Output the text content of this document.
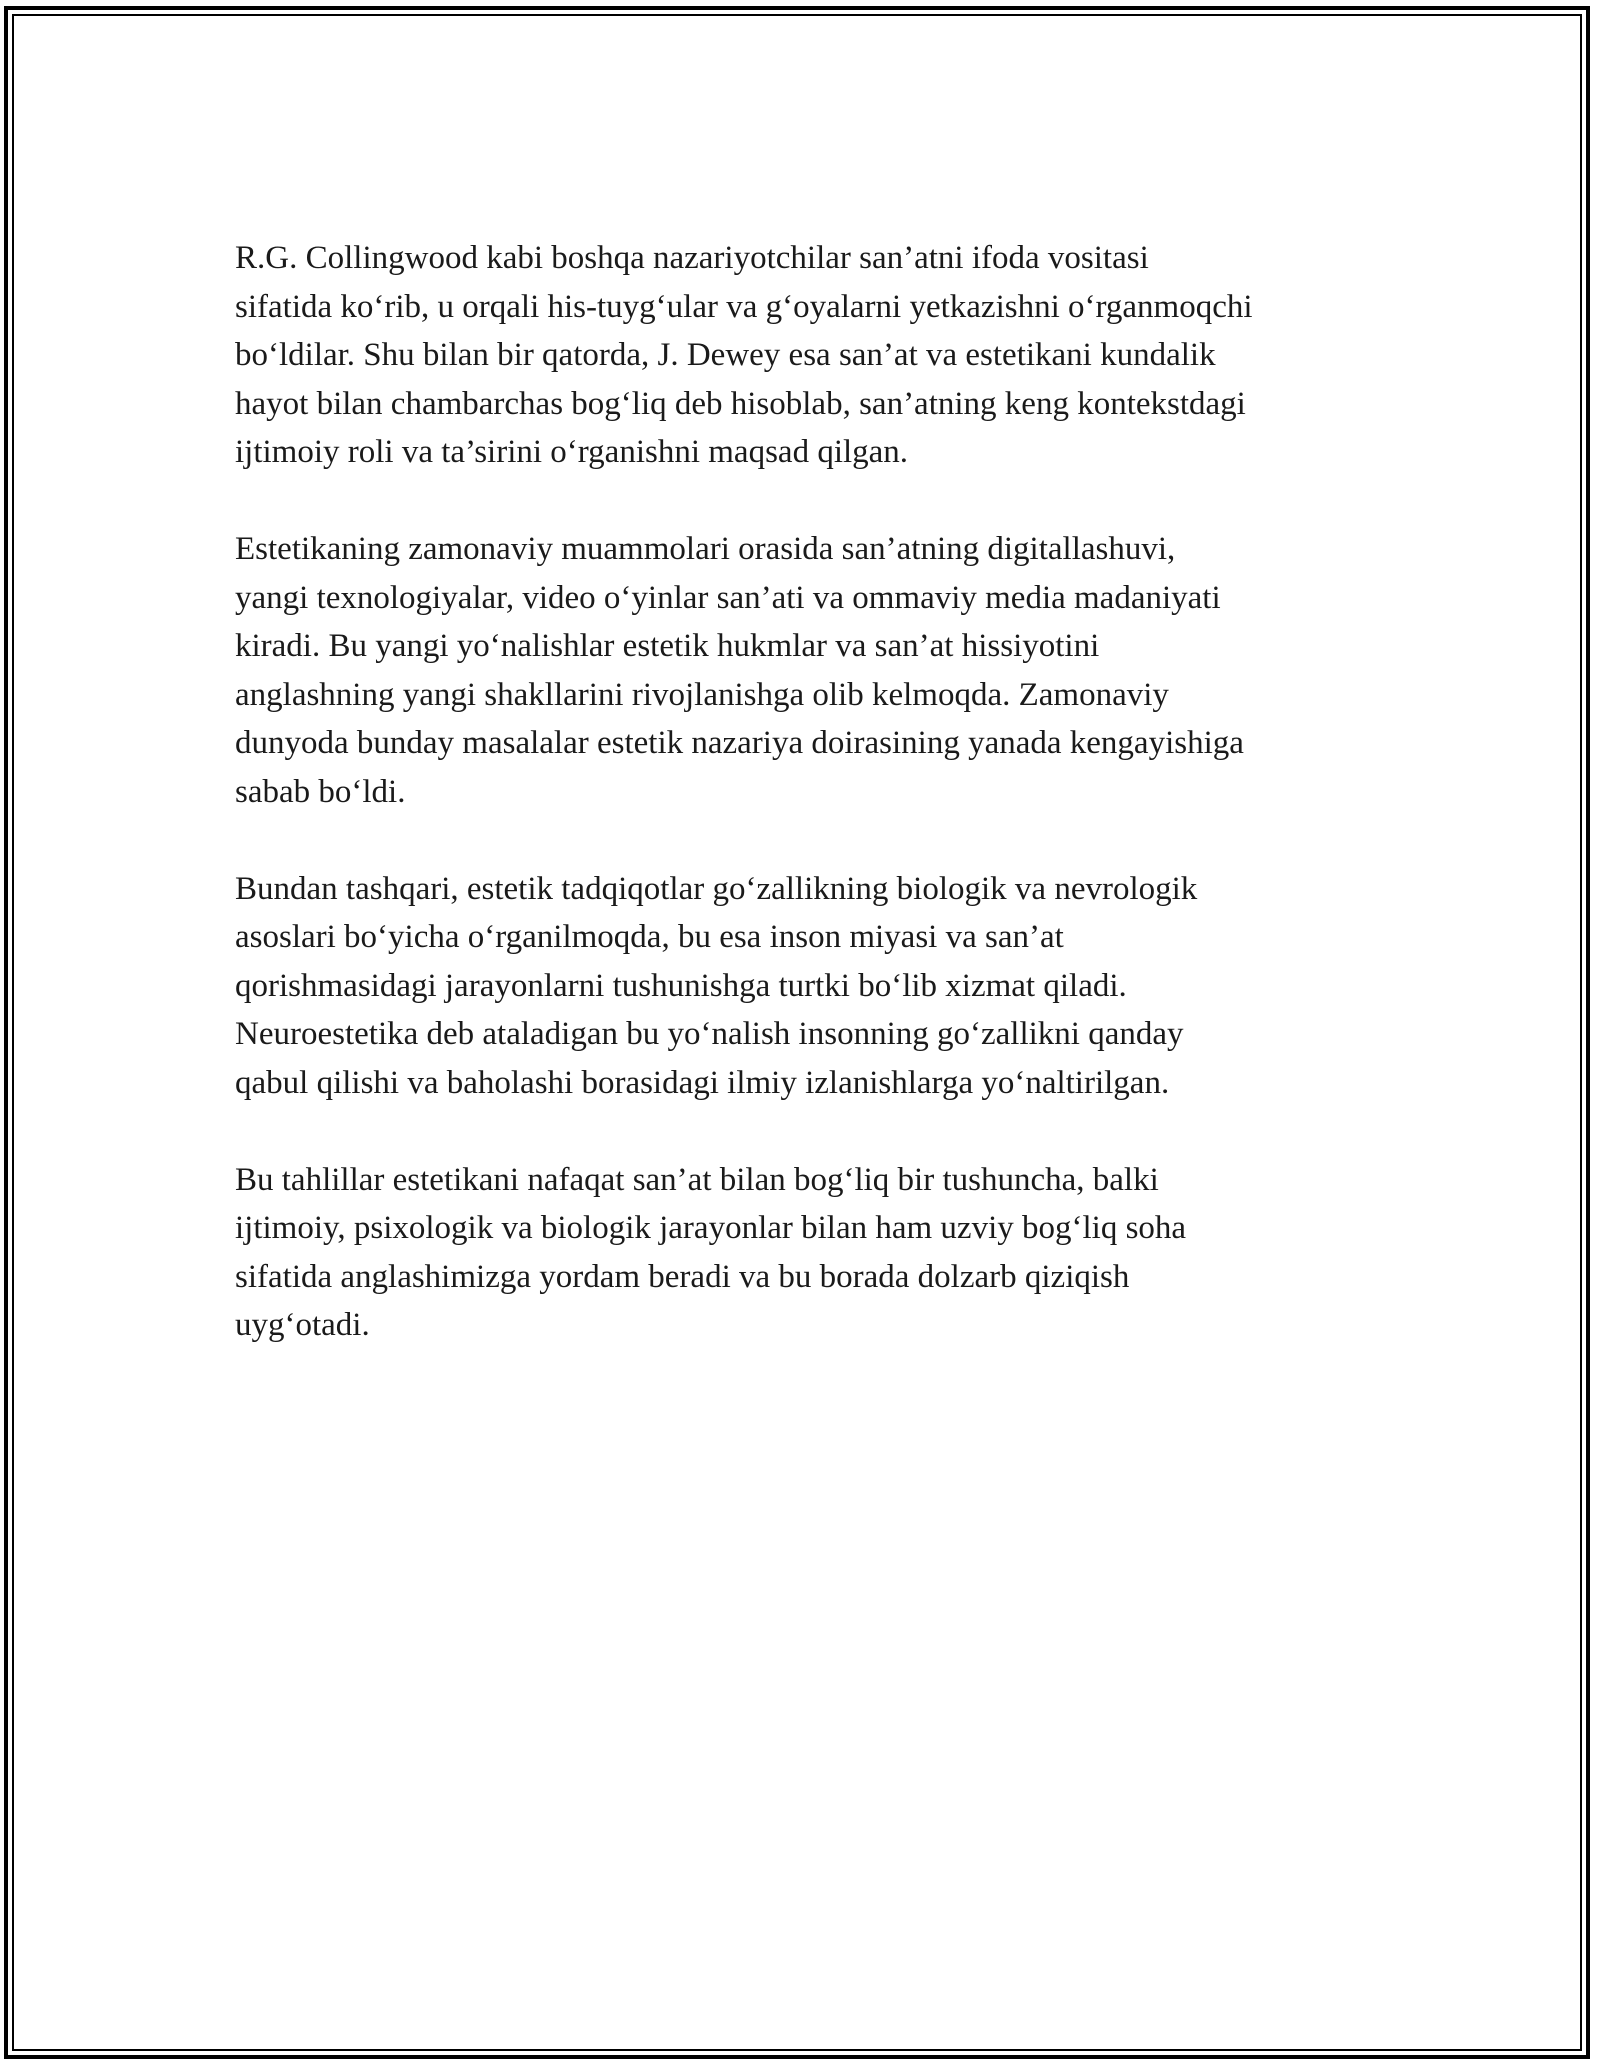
R.G. Collingwood kabi boshqa nazariyotchilar san’atni ifoda vositasi
sifatida ko‘rib, u orqali his-tuyg‘ular va g‘oyalarni yetkazishni o‘rganmoqchi
bo‘ldilar. Shu bilan bir qatorda, J. Dewey esa san’at va estetikani kundalik
hayot bilan chambarchas bog‘liq deb hisoblab, san’atning keng kontekstdagi
ijtimoiy roli va ta’sirini o‘rganishni maqsad qilgan.

Estetikaning zamonaviy muammolari orasida san’atning digitallashuvi,
yangi texnologiyalar, video o‘yinlar san’ati va ommaviy media madaniyati
kiradi. Bu yangi yo‘nalishlar estetik hukmlar va san’at hissiyotini
anglashning yangi shakllarini rivojlanishga olib kelmoqda. Zamonaviy
dunyoda bunday masalalar estetik nazariya doirasining yanada kengayishiga
sabab bo‘ldi.

Bundan tashqari, estetik tadqiqotlar go‘zallikning biologik va nevrologik
asoslari bo‘yicha o‘rganilmoqda, bu esa inson miyasi va san’at
qorishmasidagi jarayonlarni tushunishga turtki bo‘lib xizmat qiladi.
Neuroestetika deb ataladigan bu yo‘nalish insonning go‘zallikni qanday
qabul qilishi va baholashi borasidagi ilmiy izlanishlarga yo‘naltirilgan.

Bu tahlillar estetikani nafaqat san’at bilan bog‘liq bir tushuncha, balki
ijtimoiy, psixologik va biologik jarayonlar bilan ham uzviy bog‘liq soha
sifatida anglashimizga yordam beradi va bu borada dolzarb qiziqish
uyg‘otadi.
